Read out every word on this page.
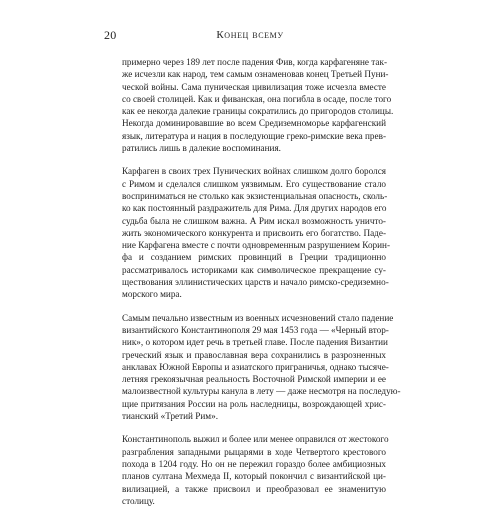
20	Конец всему

примерно через 189 лет после падения Фив, когда карфагеняне так-
же исчезли как народ, тем самым ознаменовав конец Третьей Пуни-
ческой войны. Сама пуническая цивилизация тоже исчезла вместе
со своей столицей. Как и фиванская, она погибла в осаде, после того
как ее некогда далекие границы сократились до пригородов столицы.
Некогда доминировавшие во всем Средиземноморье карфагенский
язык, литература и нация в последующие греко-римские века прев-
ратились лишь в далекие воспоминания.

Карфаген в своих трех Пунических войнах слишком долго боролся
с Римом и сделался слишком уязвимым. Его существование стало
восприниматься не столько как экзистенциальная опасность, сколь-
ко как постоянный раздражитель для Рима. Для других народов его
судьба была не слишком важна. А Рим искал возможность уничто-
жить экономического конкурента и присвоить его богатство. Паде-
ние Карфагена вместе с почти одновременным разрушением Корин-
фа и созданием римских провинций в Греции традиционно
рассматривалось историками как символическое прекращение су-
ществования эллинистических царств и начало римско-средиземно-
морского мира.

Самым печально известным из военных исчезновений стало падение
византийского Константинополя 29 мая 1453 года — «Черный втор-
ник», о котором идет речь в третьей главе. После падения Византии
греческий язык и православная вера сохранились в разрозненных
анклавах Южной Европы и азиатского приграничья, однако тысяче-
летняя грекоязычная реальность Восточной Римской империи и ее
малоизвестной культуры канула в лету — даже несмотря на последую-
щие притязания России на роль наследницы, возрождающей хрис-
тианский «Третий Рим».

Константинополь выжил и более или менее оправился от жестокого
разграбления западными рыцарями в ходе Четвертого крестового
похода в 1204 году. Но он не пережил гораздо более амбициозных
планов султана Мехмеда II, который покончил с византийской ци-
вилизацией, а также присвоил и преобразовал ее знаменитую
столицу.
